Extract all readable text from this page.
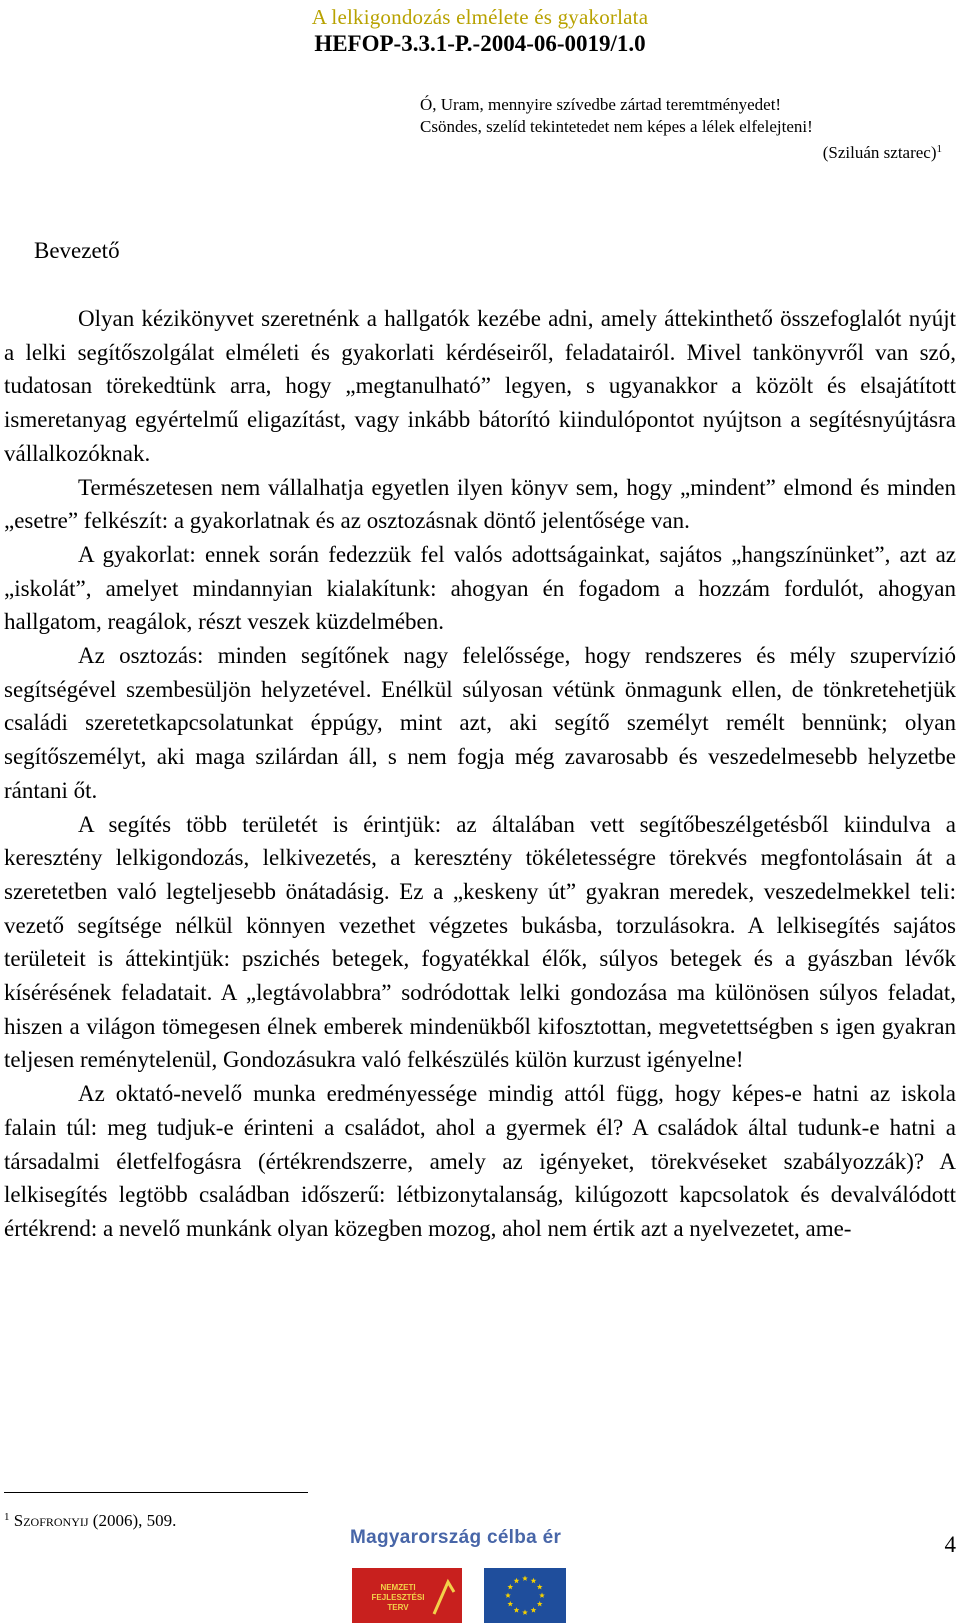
A lelkigondozás elmélete és gyakorlata
HEFOP-3.3.1-P.-2004-06-0019/1.0
Ó, Uram, mennyire szívedbe zártad teremtményedet!
Csöndes, szelíd tekintetedet nem képes a lélek elfelejteni!
(Sziluán sztarec)$^1$
Bevezető

Olyan kézikönyvet szeretnénk a hallgatók kezébe adni, amely áttekinthető összefoglalót nyújt a lelki segítőszolgálat elméleti és gyakorlati kérdéseiről, feladatairól. Mivel tankönyvről van szó, tudatosan törekedtünk arra, hogy „megtanulható” legyen, s ugyanakkor a közölt és elsajátított ismeretanyag egyértelmű eligazítást, vagy inkább bátorító kiindulópontot nyújtson a segítésnyújtásra vállalkozóknak.

Természetesen nem vállalhatja egyetlen ilyen könyv sem, hogy „mindent” elmond és minden „esetre” felkészít: a gyakorlatnak és az osztozásnak döntő jelentősége van.

A gyakorlat: ennek során fedezzük fel valós adottságainkat, sajátos „hangszínünket”, azt az „iskolát”, amelyet mindannyian kialakítunk: ahogyan én fogadom a hozzám fordulót, ahogyan hallgatom, reagálok, részt veszek küzdelmében.

Az osztozás: minden segítőnek nagy felelőssége, hogy rendszeres és mély szupervízió segítségével szembesüljön helyzetével. Enélkül súlyosan vétünk önmagunk ellen, de tönkretehetjük családi szeretetkapcsolatunkat éppúgy, mint azt, aki segítő személyt remélt bennünk; olyan segítőszemélyt, aki maga szilárdan áll, s nem fogja még zavarosabb és veszedelmesebb helyzetbe rántani őt.

A segítés több területét is érintjük: az általában vett segítőbeszélgetésből kiindulva a keresztény lelkigondozás, lelkivezetés, a keresztény tökéletességre törekvés megfontolásain át a szeretetben való legteljesebb önátadásig. Ez a „keskeny út” gyakran meredek, veszedelmekkel teli: vezető segítsége nélkül könnyen vezethet végzetes bukásba, torzulásokra. A lelkisegítés sajátos területeit is áttekintjük: pszichés betegek, fogyatékkal élők, súlyos betegek és a gyászban lévők kísérésének feladatait. A „legtávolabbra” sodródottak lelki gondozása ma különösen súlyos feladat, hiszen a világon tömegesen élnek emberek mindenükből kifosztottan, megvetettségben s igen gyakran teljesen reménytelenül, Gondozásukra való felkészülés külön kurzust igényelne!

Az oktató-nevelő munka eredményessége mindig attól függ, hogy képes-e hatni az iskola falain túl: meg tudjuk-e érinteni a családot, ahol a gyermek él? A családok által tudunk-e hatni a társadalmi életfelfogásra (értékrendszerre, amely az igényeket, törekvéseket szabályozzák)? A lelkisegítés legtöbb családban időszerű: létbizonytalanság, kilúgozott kapcsolatok és devalválódott értékrend: a nevelő munkánk olyan közegben mozog, ahol nem értik azt a nyelvezetet, ame-

$^1$ Szofronyij (2006), 509.
4
Magyarország célba ér
NEMZETI
FEJLESZTÉSI
TERV
